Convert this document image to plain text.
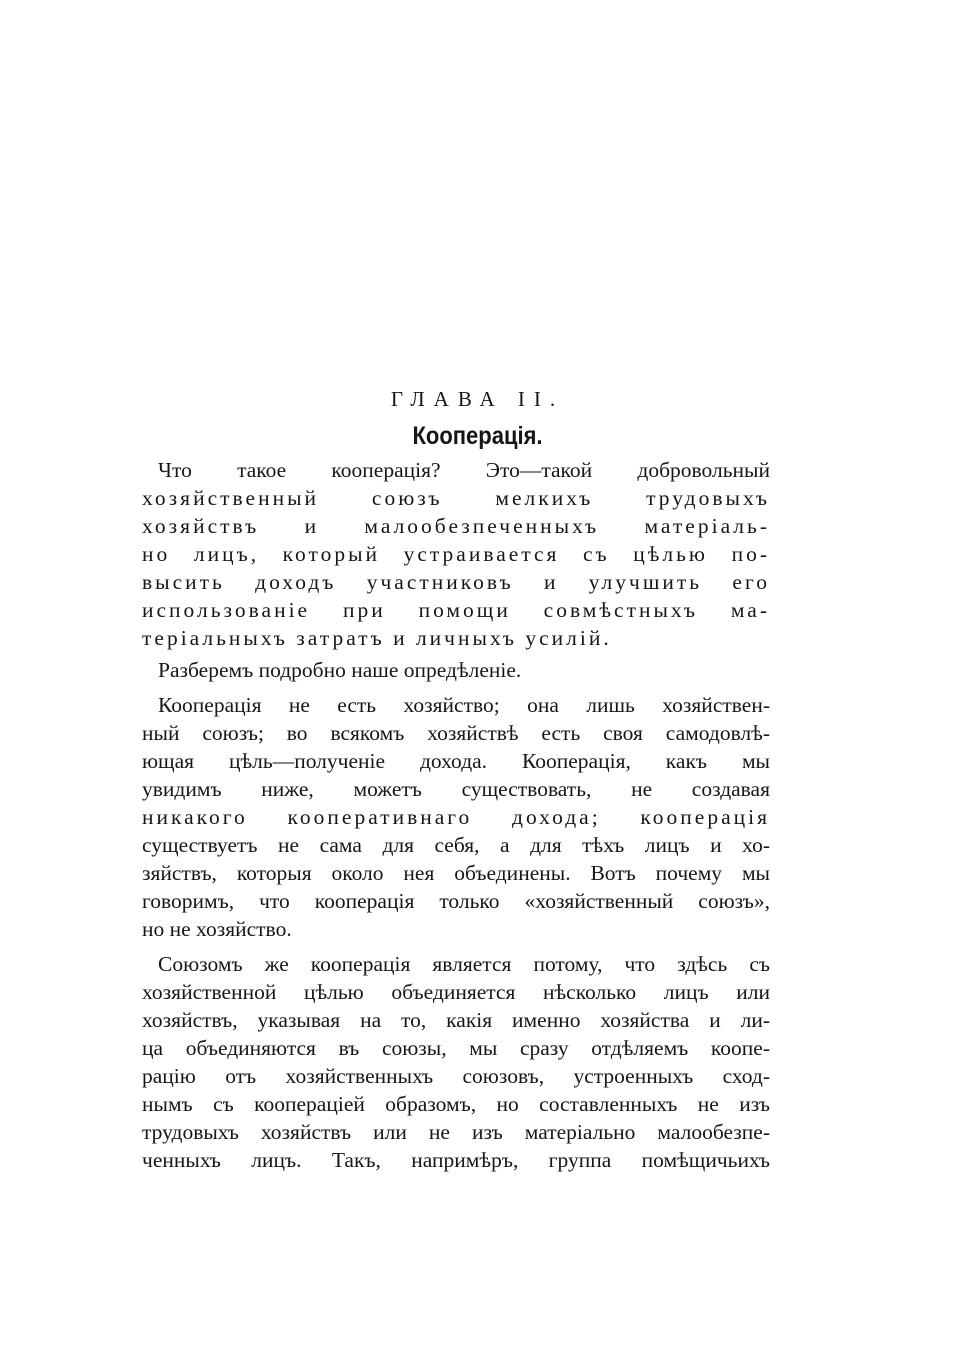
ГЛАВА II.
Кооперація.
Что такое кооперація? Это—такой добровольный
хозяйственный союзъ мелкихъ трудовыхъ
хозяйствъ и малообезпеченныхъ матеріаль-
но лицъ, который устраивается съ цѣлью по-
высить доходъ участниковъ и улучшить его
использованіе при помощи совмѣстныхъ ма-
теріальныхъ затратъ и личныхъ усилій.
Разберемъ подробно наше опредѣленіе.
Кооперація не есть хозяйство; она лишь хозяйствен-
ный союзъ; во всякомъ хозяйствѣ есть своя самодовлѣ-
ющая цѣль—полученіе дохода. Кооперація, какъ мы
увидимъ ниже, можетъ существовать, не создавая
никакого кооперативнаго дохода; кооперація
существуетъ не сама для себя, а для тѣхъ лицъ и хо-
зяйствъ, которыя около нея объединены. Вотъ почему мы
говоримъ, что кооперація только «хозяйственный союзъ»,
но не хозяйство.
Союзомъ же кооперація является потому, что здѣсь съ
хозяйственной цѣлью объединяется нѣсколько лицъ или
хозяйствъ, указывая на то, какія именно хозяйства и ли-
ца объединяются въ союзы, мы сразу отдѣляемъ коопе-
рацію отъ хозяйственныхъ союзовъ, устроенныхъ сход-
нымъ съ коопераціей образомъ, но составленныхъ не изъ
трудовыхъ хозяйствъ или не изъ матеріально малообезпе-
ченныхъ лицъ. Такъ, напримѣръ, группа помѣщичьихъ
